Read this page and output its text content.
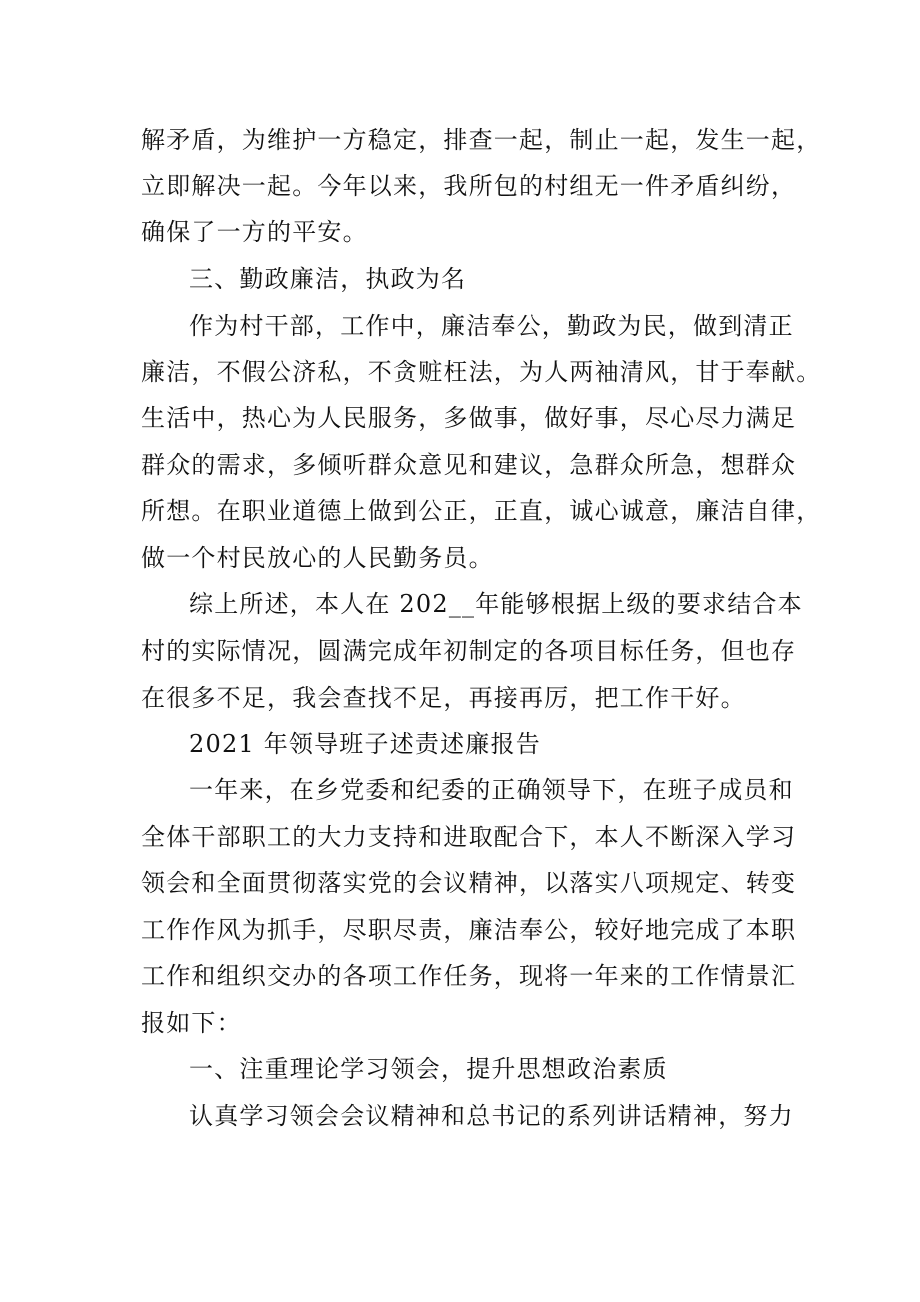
解矛盾，为维护一方稳定，排查一起，制止一起，发生一起，
立即解决一起。今年以来，我所包的村组无一件矛盾纠纷，
确保了一方的平安。
三、勤政廉洁，执政为名
作为村干部，工作中，廉洁奉公，勤政为民，做到清正
廉洁，不假公济私，不贪赃枉法，为人两袖清风，甘于奉献。
生活中，热心为人民服务，多做事，做好事，尽心尽力满足
群众的需求，多倾听群众意见和建议，急群众所急，想群众
所想。在职业道德上做到公正，正直，诚心诚意，廉洁自律，
做一个村民放心的人民勤务员。
综上所述，本人在 202__年能够根据上级的要求结合本
村的实际情况，圆满完成年初制定的各项目标任务，但也存
在很多不足，我会查找不足，再接再厉，把工作干好。
2021 年领导班子述责述廉报告
一年来，在乡党委和纪委的正确领导下，在班子成员和
全体干部职工的大力支持和进取配合下，本人不断深入学习
领会和全面贯彻落实党的会议精神，以落实八项规定、转变
工作作风为抓手，尽职尽责，廉洁奉公，较好地完成了本职
工作和组织交办的各项工作任务，现将一年来的工作情景汇
报如下：
一、注重理论学习领会，提升思想政治素质
认真学习领会会议精神和总书记的系列讲话精神，努力
